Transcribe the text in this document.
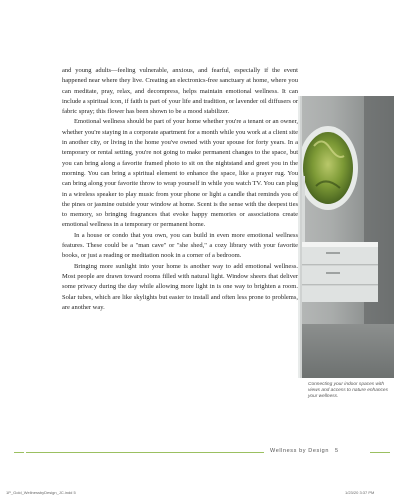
and young adults—feeling vulnerable, anxious, and fearful, especially if the event happened near where they live. Creating an electronics-free sanctuary at home, where you can meditate, pray, relax, and decompress, helps maintain emotional wellness. It can include a spiritual icon, if faith is part of your life and tradition, or lavender oil diffusers or fabric spray; this flower has been shown to be a mood stabilizer.

Emotional wellness should be part of your home whether you're a tenant or an owner, whether you're staying in a corporate apartment for a month while you work at a client site in another city, or living in the home you've owned with your spouse for forty years. In a temporary or rental setting, you're not going to make permanent changes to the space, but you can bring along a favorite framed photo to sit on the nightstand and greet you in the morning. You can bring a spiritual element to enhance the space, like a prayer rug. You can bring along your favorite throw to wrap yourself in while you watch TV. You can plug in a wireless speaker to play music from your phone or light a candle that reminds you of the pines or jasmine outside your window at home. Scent is the sense with the deepest ties to memory, so bringing fragrances that evoke happy memories or associations create emotional wellness in a temporary or permanent home.

In a house or condo that you own, you can build in even more emotional wellness features. These could be a "man cave" or "she shed," a cozy library with your favorite books, or just a reading or meditation nook in a corner of a bedroom.

Bringing more sunlight into your home is another way to add emotional wellness. Most people are drawn toward rooms filled with natural light. Window sheers that deliver some privacy during the day while allowing more light in is one way to brighten a room. Solar tubes, which are like skylights but easier to install and often less prone to problems, are another way.

Connecting your indoor spaces with views and access to nature enhances your wellness.
Wellness by Design 5
1P_Gold_WellnessbyDesign_JC.indd 5	1/23/20 3:37 PM
